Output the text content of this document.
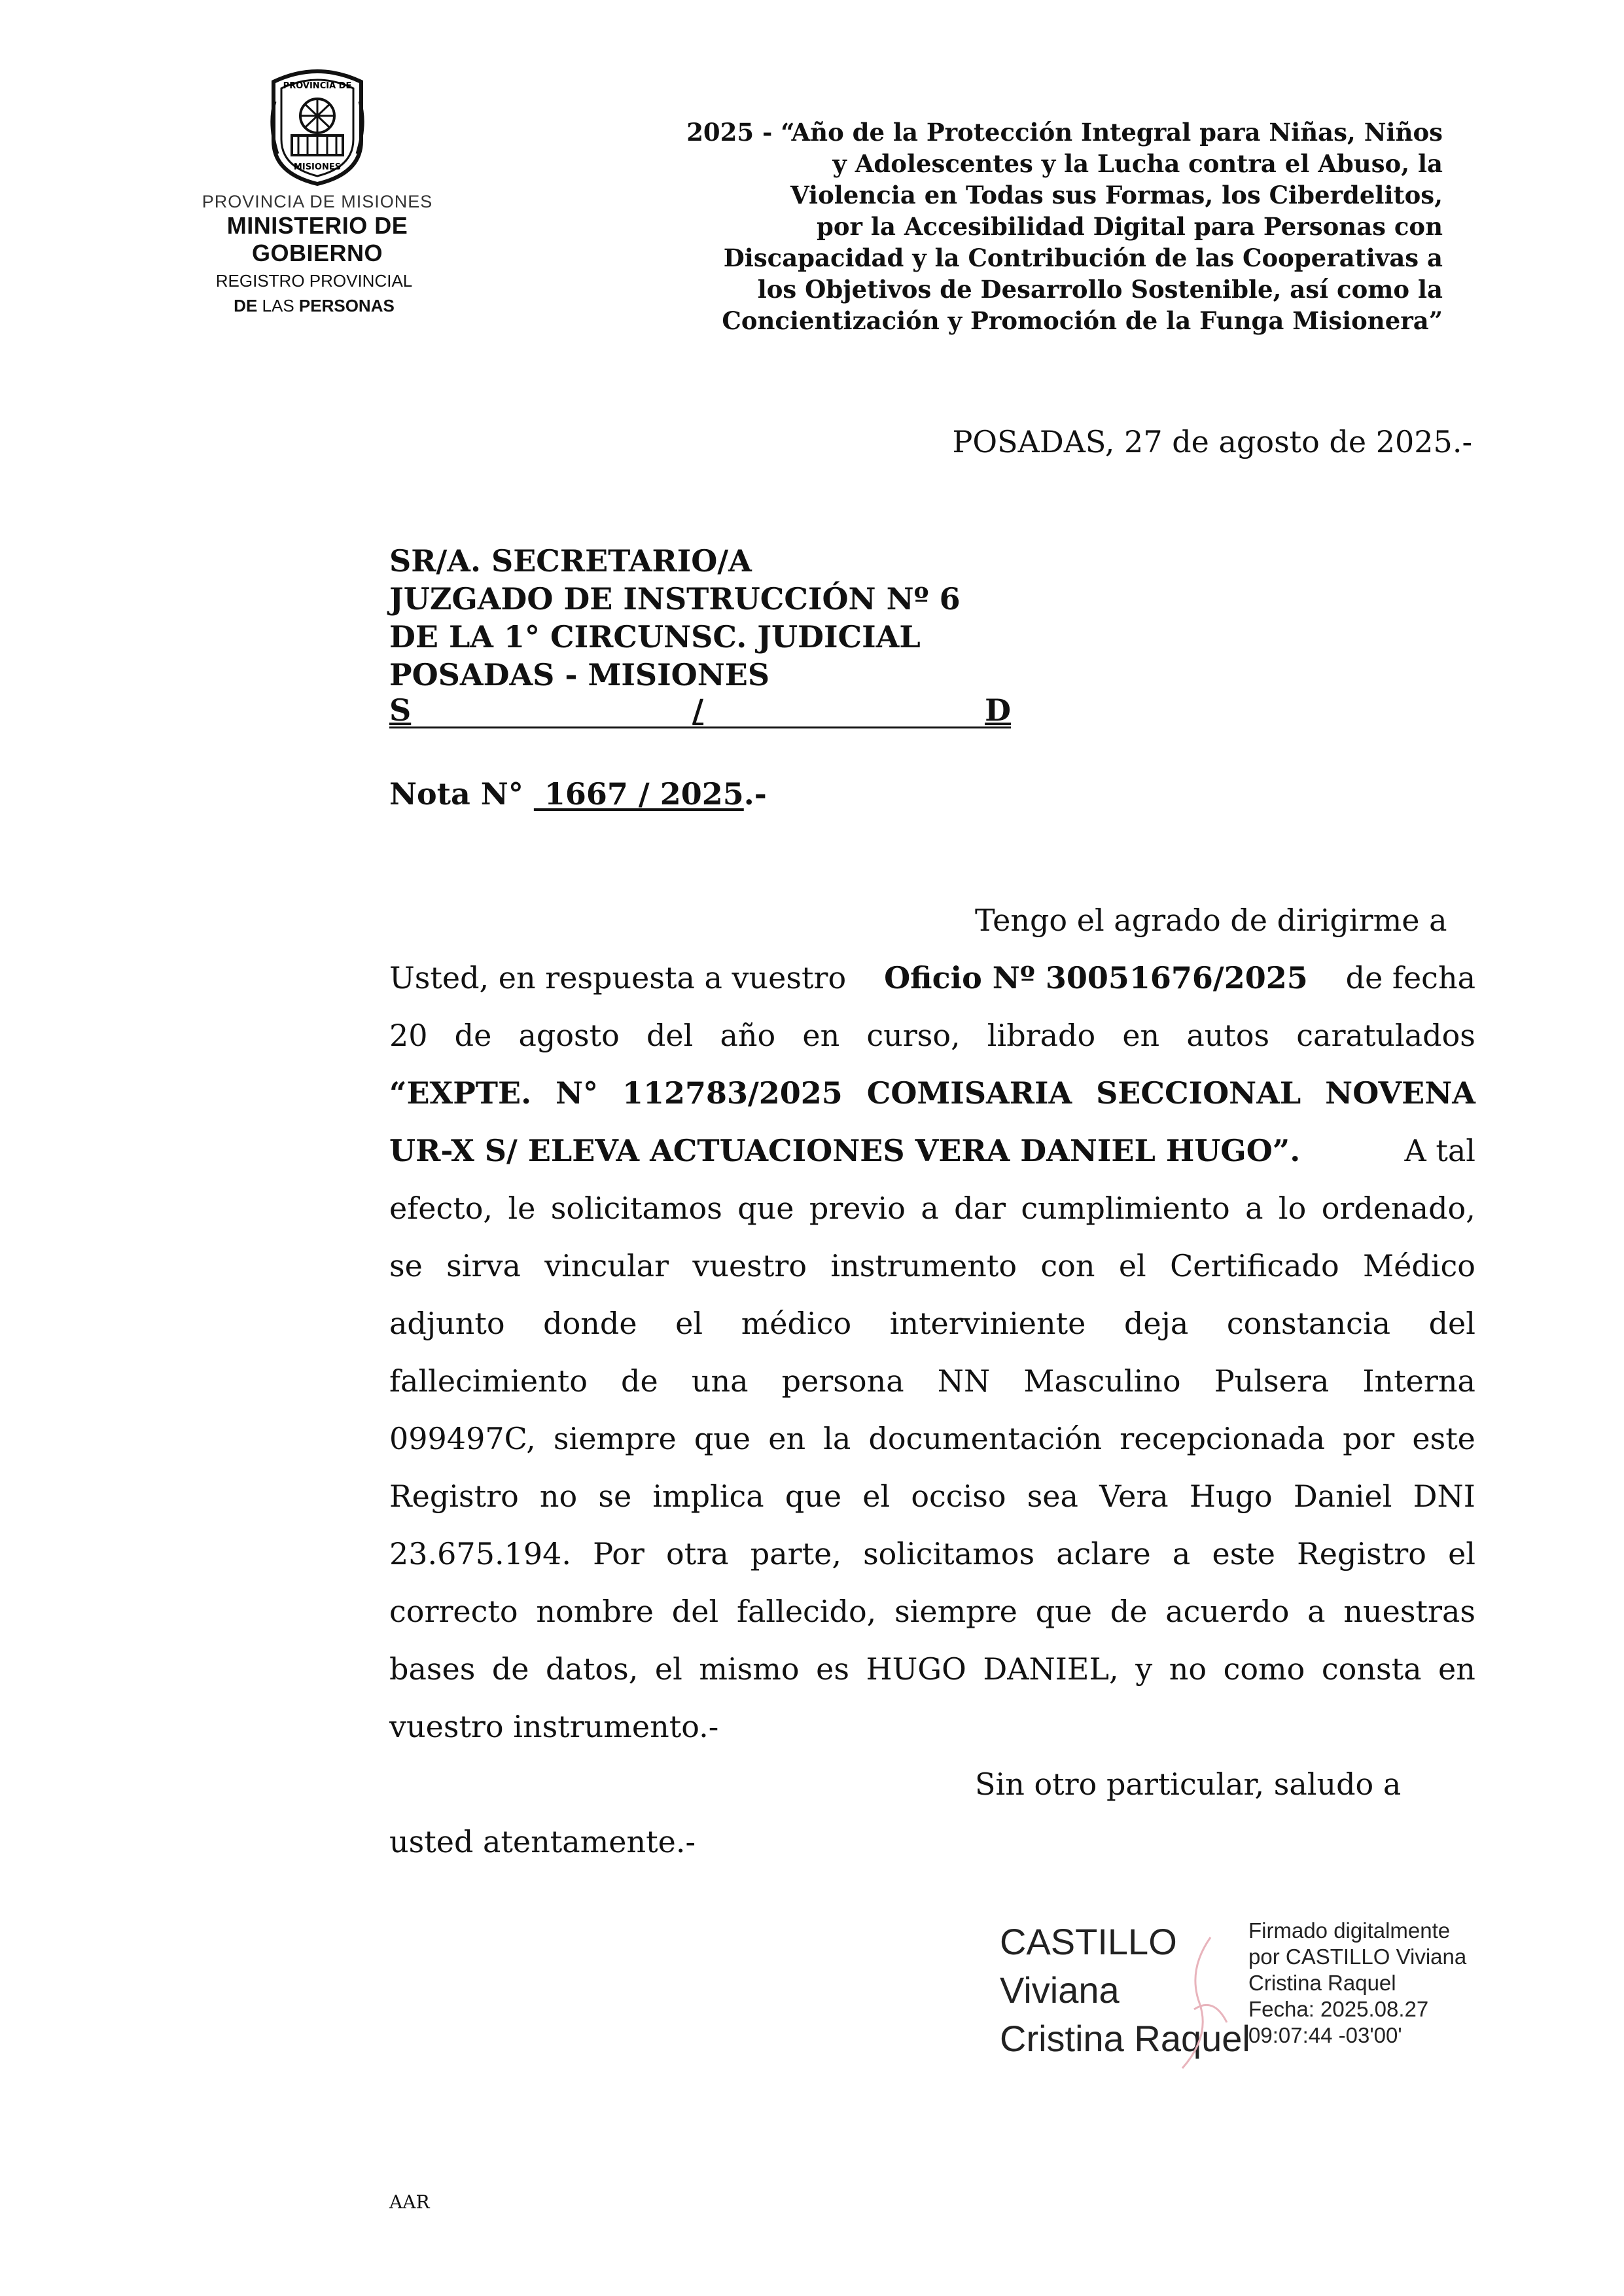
PROVINCIA DE
MISIONES
PROVINCIA DE MISIONES
MINISTERIO DE GOBIERNO
REGISTRO PROVINCIAL
DE LAS PERSONAS
2025 - “Año de la Protección Integral para Niñas, Niños
y Adolescentes y la Lucha contra el Abuso, la
Violencia en Todas sus Formas, los Ciberdelitos,
por la Accesibilidad Digital para Personas con
Discapacidad y la Contribución de las Cooperativas a
los Objetivos de Desarrollo Sostenible, así como la
Concientización y Promoción de la Funga Misionera”
POSADAS, 27 de agosto de 2025.-
SR/A. SECRETARIO/A
JUZGADO DE INSTRUCCIÓN Nº 6
DE LA 1° CIRCUNSC. JUDICIAL
POSADAS - MISIONES
S	/	D
Nota N°  1667 / 2025.-
Tengo el agrado de dirigirme a
Usted, en respuesta a vuestro Oficio Nº 30051676/2025 de fecha
20 de agosto del año en curso, librado en autos caratulados
“EXPTE. N° 112783/2025 COMISARIA SECCIONAL NOVENA
UR-X S/ ELEVA ACTUACIONES VERA DANIEL HUGO”.	A tal
efecto, le solicitamos que previo a dar cumplimiento a lo ordenado,
se sirva vincular vuestro instrumento con el Certificado Médico
adjunto donde el médico interviniente deja constancia del
fallecimiento de una persona NN Masculino Pulsera Interna
099497C, siempre que en la documentación recepcionada por este
Registro no se implica que el occiso sea Vera Hugo Daniel DNI
23.675.194. Por otra parte, solicitamos aclare a este Registro el
correcto nombre del fallecido, siempre que de acuerdo a nuestras
bases de datos, el mismo es HUGO DANIEL, y no como consta en
vuestro instrumento.-
Sin otro particular, saludo a
usted atentamente.-
CASTILLO
Viviana
Cristina Raquel
Firmado digitalmente
por CASTILLO Viviana
Cristina Raquel
Fecha: 2025.08.27
09:07:44 -03'00'
AAR
